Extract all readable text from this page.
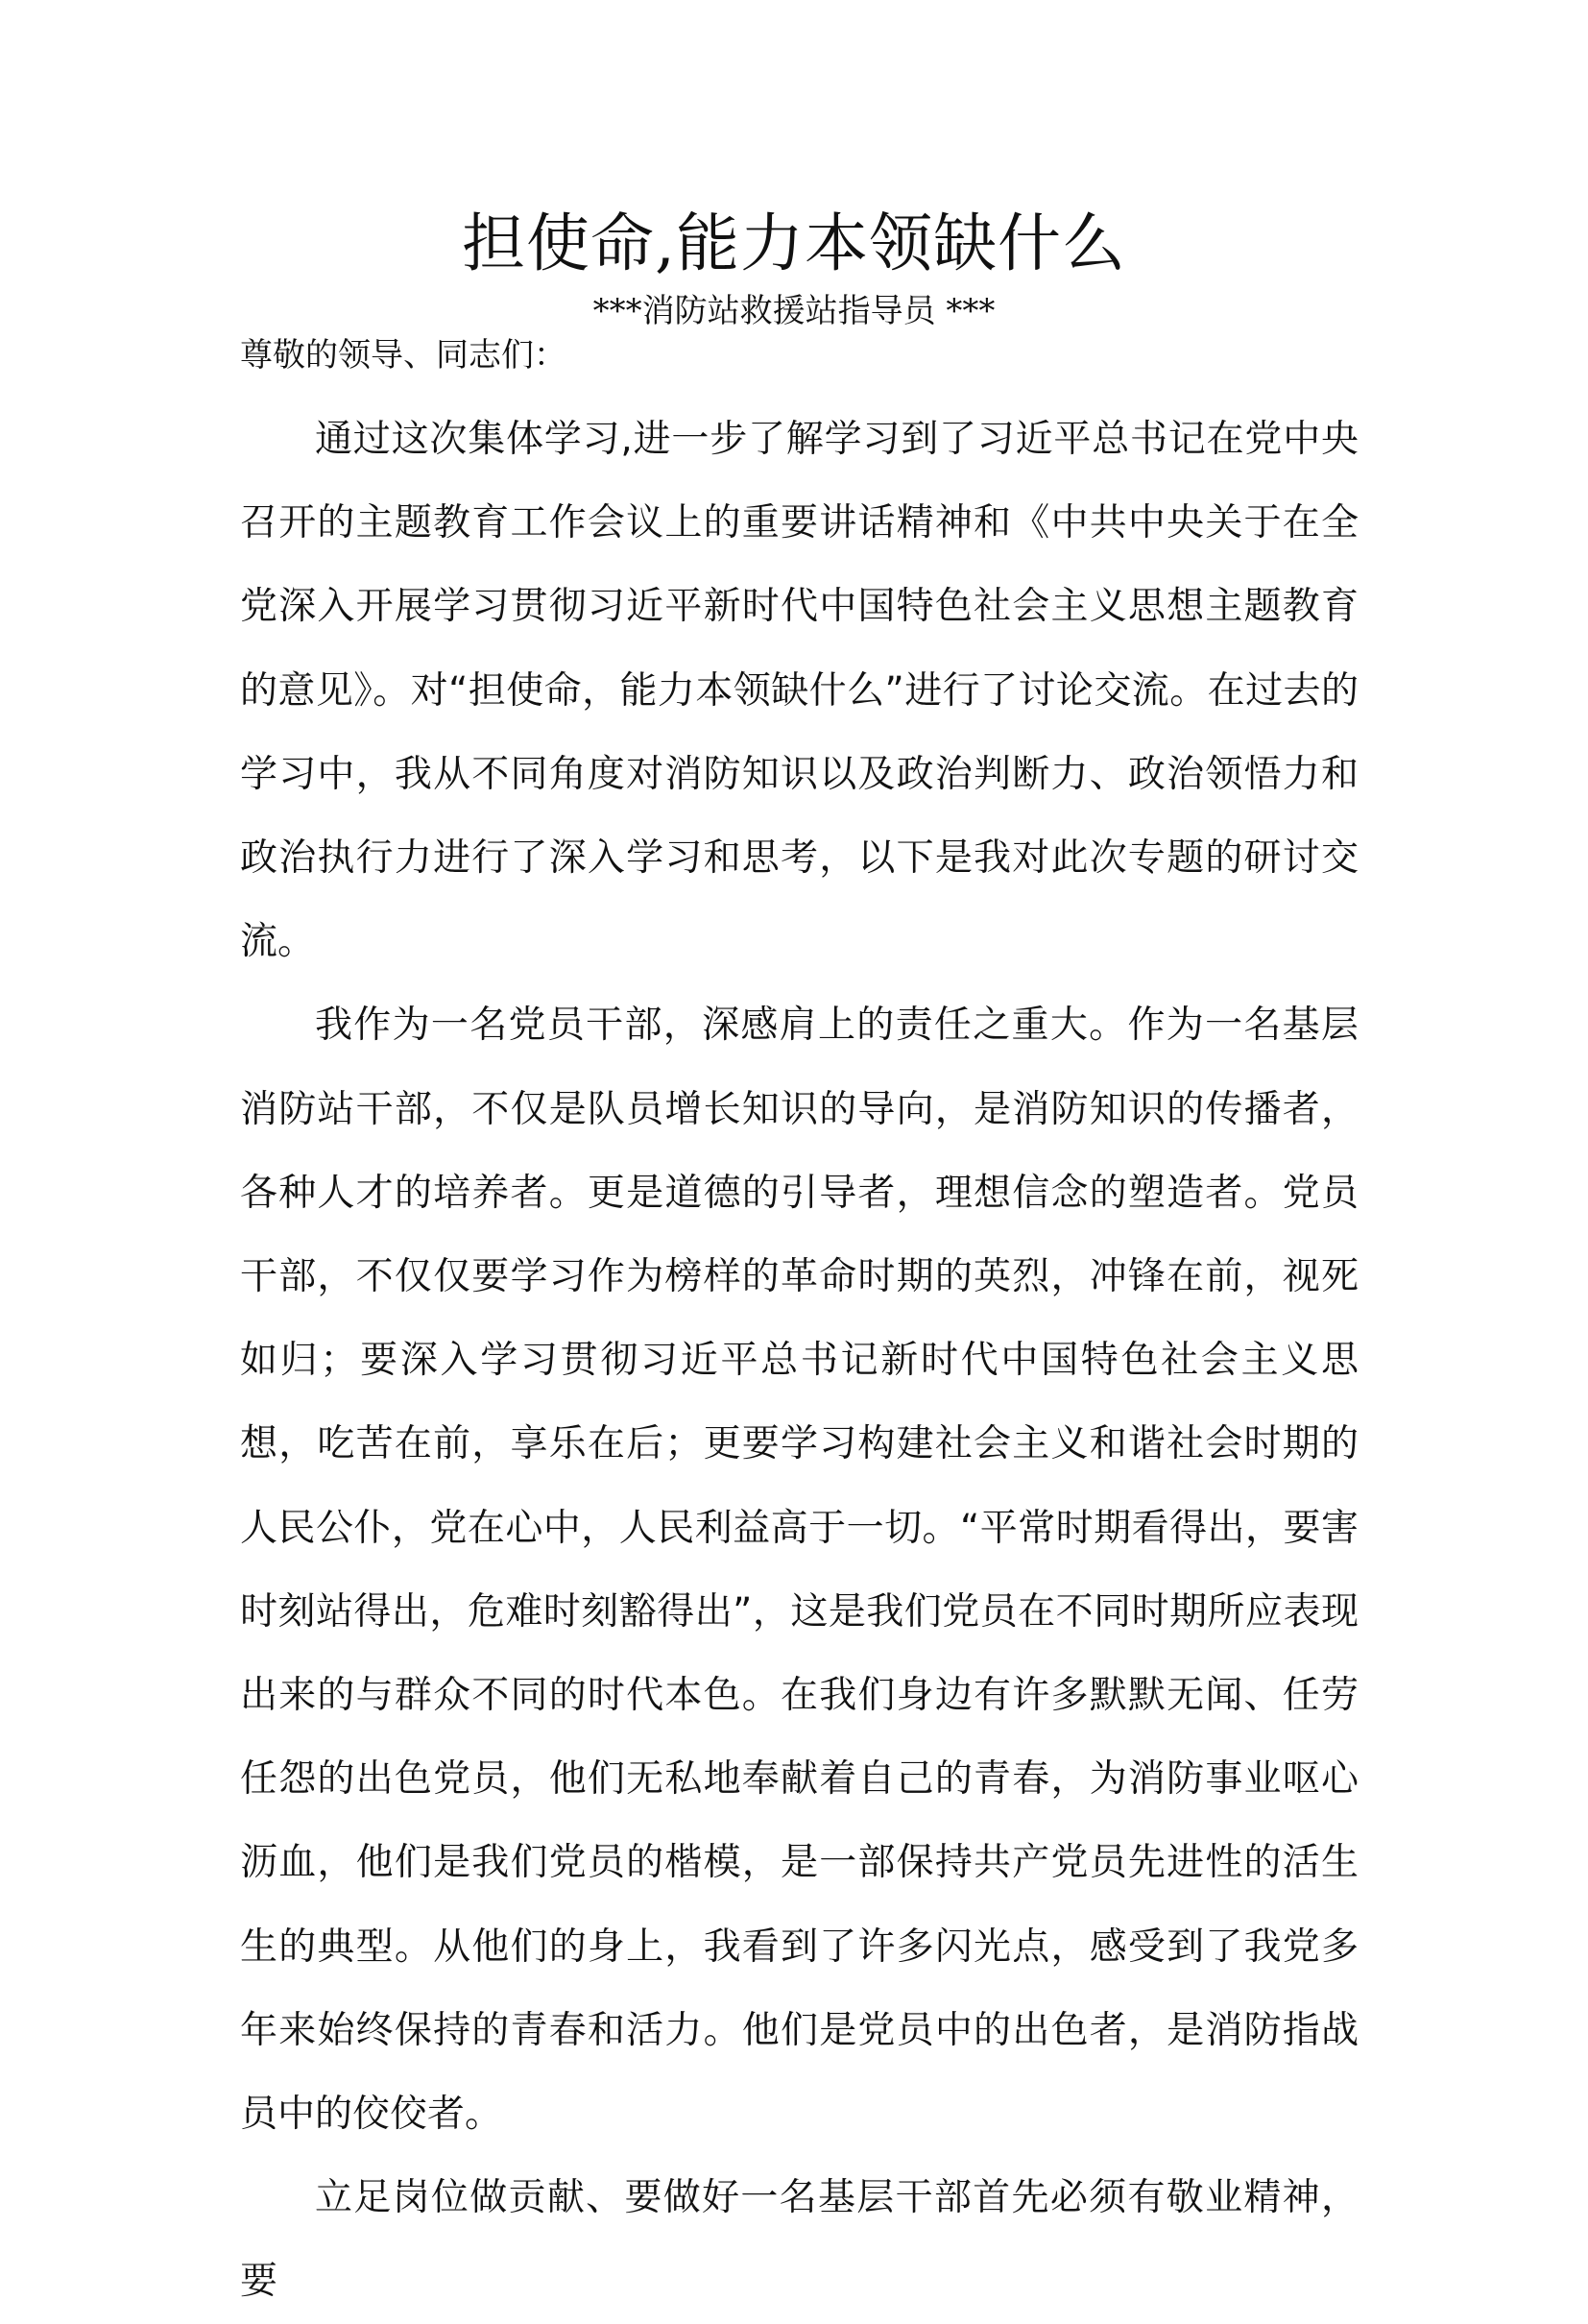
担使命,能力本领缺什么
***消防站救援站指导员 ***
尊敬的领导、同志们：

通过这次集体学习,进一步了解学习到了习近平总书记在党中央召开的主题教育工作会议上的重要讲话精神和《中共中央关于在全党深入开展学习贯彻习近平新时代中国特色社会主义思想主题教育的意见》。对“担使命，能力本领缺什么”进行了讨论交流。在过去的学习中，我从不同角度对消防知识以及政治判断力、政治领悟力和政治执行力进行了深入学习和思考，以下是我对此次专题的研讨交流。

我作为一名党员干部，深感肩上的责任之重大。作为一名基层消防站干部，不仅是队员增长知识的导向，是消防知识的传播者，各种人才的培养者。更是道德的引导者，理想信念的塑造者。党员干部，不仅仅要学习作为榜样的革命时期的英烈，冲锋在前，视死如归；要深入学习贯彻习近平总书记新时代中国特色社会主义思想，吃苦在前，享乐在后；更要学习构建社会主义和谐社会时期的人民公仆，党在心中，人民利益高于一切。“平常时期看得出，要害时刻站得出，危难时刻豁得出”，这是我们党员在不同时期所应表现出来的与群众不同的时代本色。在我们身边有许多默默无闻、任劳任怨的出色党员，他们无私地奉献着自己的青春，为消防事业呕心沥血，他们是我们党员的楷模，是一部保持共产党员先进性的活生生的典型。从他们的身上，我看到了许多闪光点，感受到了我党多年来始终保持的青春和活力。他们是党员中的出色者，是消防指战员中的佼佼者。

立足岗位做贡献、要做好一名基层干部首先必须有敬业精神，要
